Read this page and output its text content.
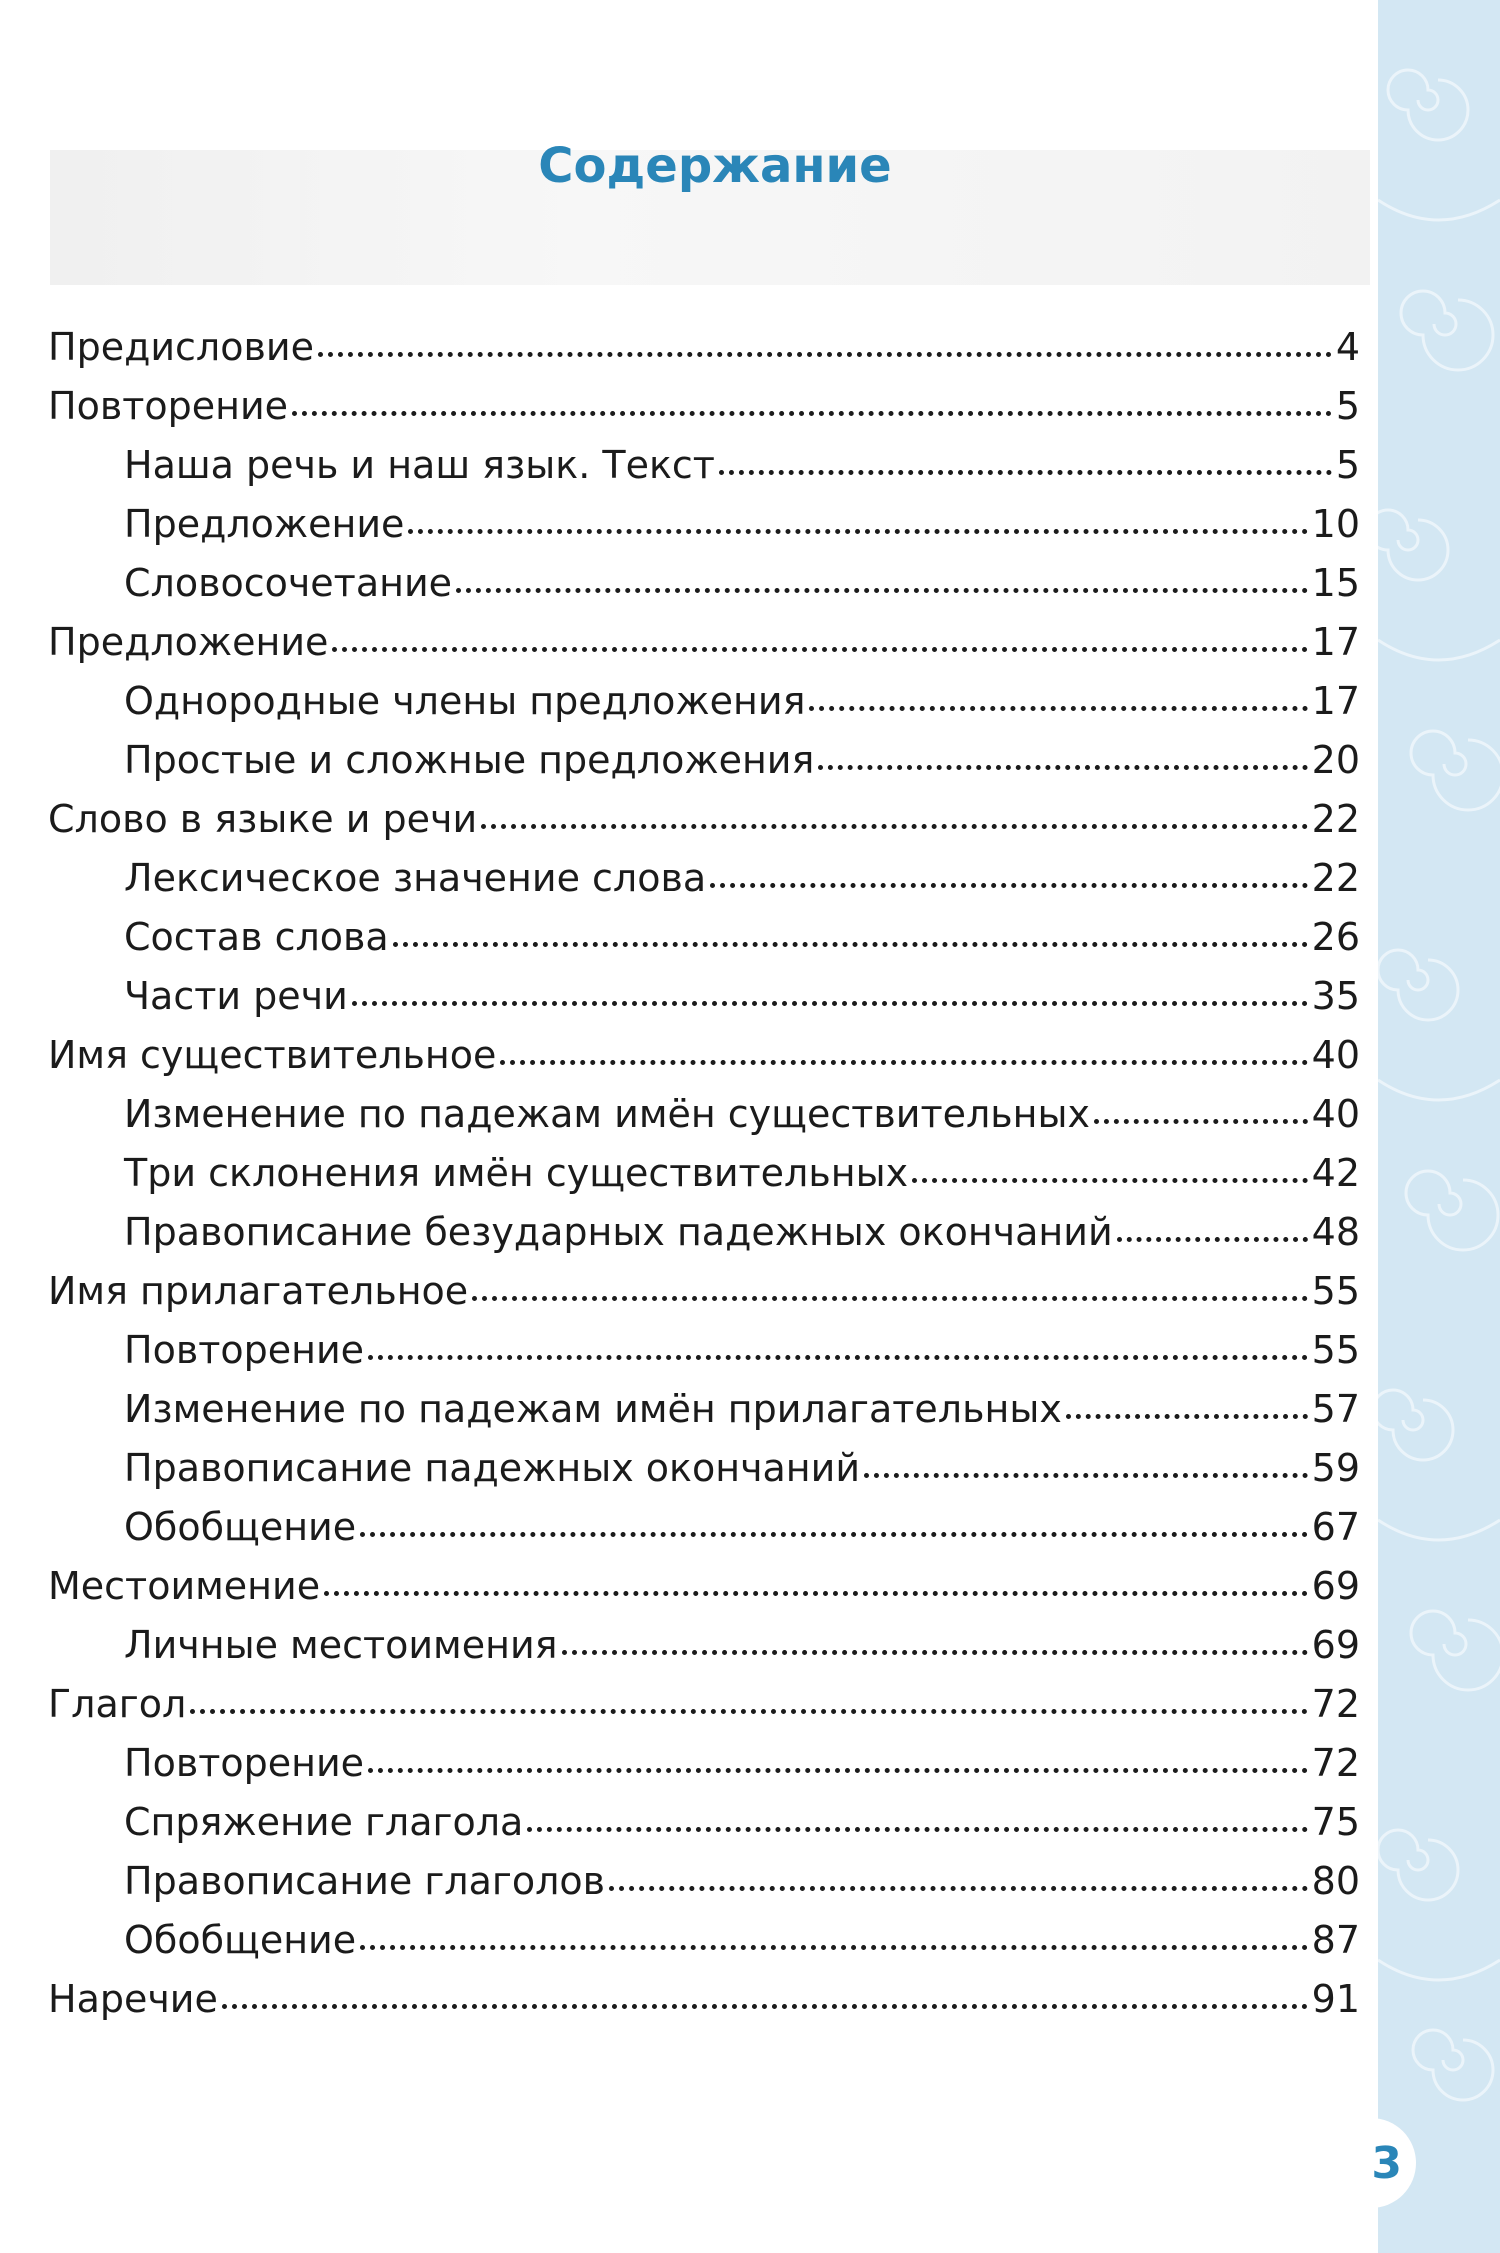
3
Содержание
Предисловие	4
Повторение	5
Наша речь и наш язык. Текст	5
Предложение	10
Словосочетание	15
Предложение	17
Однородные члены предложения	17
Простые и сложные предложения	20
Слово в языке и речи	22
Лексическое значение слова	22
Состав слова	26
Части речи	35
Имя существительное	40
Изменение по падежам имён существительных	40
Три склонения имён существительных	42
Правописание безударных падежных окончаний	48
Имя прилагательное	55
Повторение	55
Изменение по падежам имён прилагательных	57
Правописание падежных окончаний	59
Обобщение	67
Местоимение	69
Личные местоимения	69
Глагол	72
Повторение	72
Спряжение глагола	75
Правописание глаголов	80
Обобщение	87
Наречие	91
